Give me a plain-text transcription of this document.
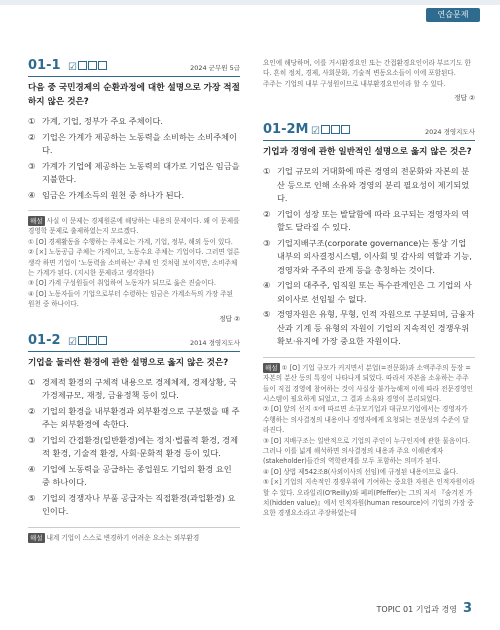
연습문제
01-1 ☑	2024 군무원 5급
다음 중 국민경제의 순환과정에 대한 설명으로 가장 적절하지 않은 것은?
① 가계, 기업, 정부가 주요 주체이다.
② 기업은 가계가 제공하는 노동력을 소비하는 소비주체이다.
③ 가계가 기업에 제공하는 노동력의 대가로 기업은 임금을 지불한다.
④ 임금은 가계소득의 원천 중 하나가 된다.

해설 사실 이 문제는 경제원론에 해당하는 내용의 문제이다. 왜 이 문제를 경영학 문제로 출제하였는지 모르겠다.

① [O] 경제활동을 수행하는 주체로는 가계, 기업, 정부, 해외 등이 있다.

② [×] 노동공급 주체는 가계이고, 노동수요 주체는 기업이다. 그러면 얼른 생각 하면 기업이 '노동력을 소비하는' 주체 인 것처럼 보이지만, 소비주체는 가계가 된다. (지시한 문제라고 생각한다)

③ [O] 가계 구성원들이 취업하여 노동자가 되므로 옳은 진술이다.

④ [O] 노동자들이 기업으로부터 수령하는 임금은 가계소득의 가장 주된 원천 중 하나이다.

정답 ②
01-2 ☑	2014 경영지도사
기업을 둘러싼 환경에 관한 설명으로 옳지 않은 것은?
① 경제적 환경의 구체적 내용으로 경제체제, 경제상황, 국가경제규모, 재정, 금융정책 등이 있다.
② 기업의 환경을 내부환경과 외부환경으로 구분했을 때 주주는 외부환경에 속한다.
③ 기업의 간접환경(일반환경)에는 정치·법률적 환경, 경제적 환경, 기술적 환경, 사회·문화적 환경 등이 있다.
④ 기업에 노동력을 공급하는 종업원도 기업의 환경 요인 중 하나이다.
⑤ 기업의 경쟁자나 부품 공급자는 직접환경(과업환경) 요인이다.

해설 내계 기업이 스스로 변경하기 어려운 요소는 외부환경

요인에 해당하며, 이를 거시환경요인 또는 간접환경요인이라 부르기도 한다. 흔히 정치, 경제, 사회문화, 기술적 변동요소들이 이에 포함된다.

주주는 기업의 내부 구성원이므로 내부환경요인이라 할 수 있다.

정답 ②
01-2M ☑	2024 경영지도사
기업과 경영에 관한 일반적인 설명으로 옳지 않은 것은?
① 기업 규모의 거대화에 따른 경영의 전문화와 자본의 분산 등으로 인해 소유와 경영의 분리 필요성이 제기되었다.
② 기업이 성장 또는 발달함에 따라 요구되는 경영자의 역할도 달라질 수 있다.
③ 기업지배구조(corporate governance)는 통상 기업 내부의 의사결정시스템, 이사회 및 감사의 역할과 기능, 경영자와 주주의 관계 등을 총칭하는 것이다.
④ 기업의 대주주, 임직원 또는 특수관계인은 그 기업의 사외이사로 선임될 수 없다.
⑤ 경영자원은 유형, 무형, 인적 자원으로 구분되며, 금융자산과 기계 등 유형의 자원이 기업의 지속적인 경쟁우위 확보·유지에 가장 중요한 자원이다.

해설 ① [O] 기업 규모가 커지면서 분업(=전문화)과 소액주주의 등장 = 자본의 분산 등의 특징이 나타나게 되었다. 따라서 자본을 소유하는 주주들이 직접 경영에 참여하는 것이 사실상 불가능해져 이에 따라 전문경영인 시스템이 필요하게 되었고, 그 결과 소유와 경영이 분리되었다.

② [O] 앞의 선지 ①에 따르면 소규모기업과 대규모기업에서는 경영자가 수행하는 의사결정의 내용이나 경영자에게 요청되는 전문성의 수준이 달라진다.

③ [O] 지배구조는 일반적으로 기업의 주인이 누구인지에 관한 물음이다. 그러나 이를 넓게 해석하면 의사결정의 내용과 주요 이해관계자(stakeholder)들간의 역학관계를 모두 포함하는 의미가 된다.

④ [O] 상법 제542조8(사외이사의 선임)에 규정된 내용이므로 옳다.

⑤ [×] 기업의 지속적인 경쟁우위에 기여하는 중요한 자원은 인적자원이라 할 수 있다. 오라일리(O'Reilly)와 페퍼(Pfeffer)는 그의 저서 『숨겨진 가치(hidden value)』에서 인적자원(human resource)이 기업의 가장 중요한 경쟁요소라고 주장하였는데

TOPIC 01 기업과 경영 3
